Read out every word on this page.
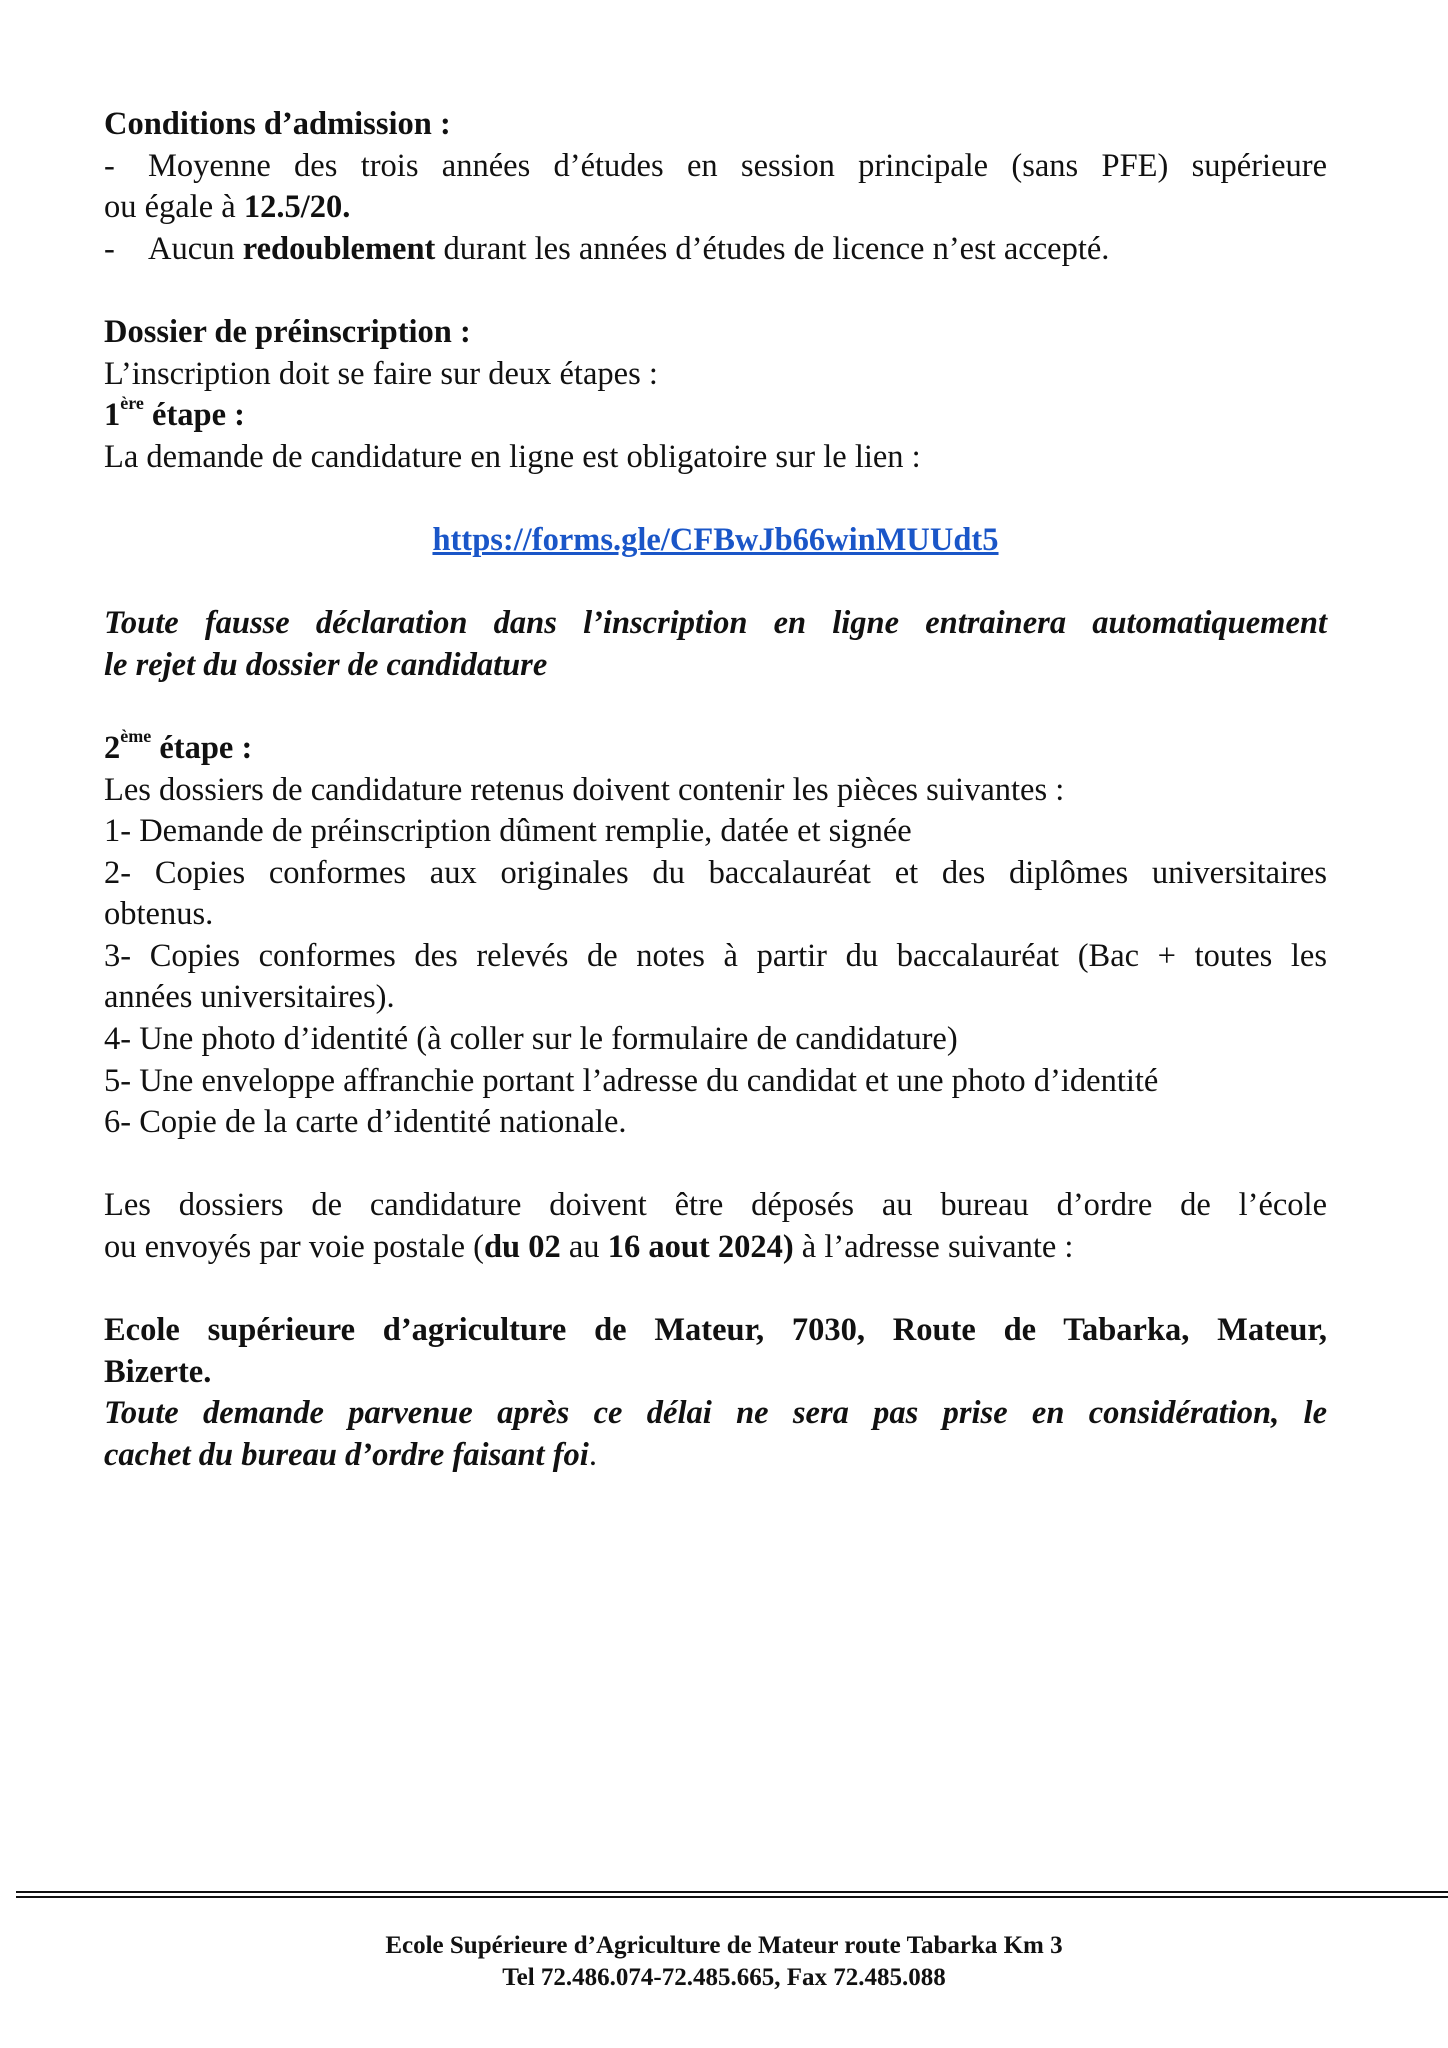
Conditions d’admission :
-	Moyenne des trois années d’études en session principale (sans PFE) supérieure
ou égale à 12.5/20.
-	Aucun redoublement durant les années d’études de licence n’est accepté.
Dossier de préinscription :
L’inscription doit se faire sur deux étapes :
1ère étape :
La demande de candidature en ligne est obligatoire sur le lien :
https://forms.gle/CFBwJb66winMUUdt5
Toute fausse déclaration dans l’inscription en ligne entrainera automatiquement
le rejet du dossier de candidature
2ème étape :
Les dossiers de candidature retenus doivent contenir les pièces suivantes :
1- Demande de préinscription dûment remplie, datée et signée
2- Copies conformes aux originales du baccalauréat et des diplômes universitaires
obtenus.
3- Copies conformes des relevés de notes à partir du baccalauréat (Bac + toutes les
années universitaires).
4- Une photo d’identité (à coller sur le formulaire de candidature)
5- Une enveloppe affranchie portant l’adresse du candidat et une photo d’identité
6- Copie de la carte d’identité nationale.
Les dossiers de candidature doivent être déposés au bureau d’ordre de l’école
ou envoyés par voie postale (du 02 au 16 aout 2024) à l’adresse suivante :
Ecole supérieure d’agriculture de Mateur, 7030, Route de Tabarka, Mateur,
Bizerte.
Toute demande parvenue après ce délai ne sera pas prise en considération, le
cachet du bureau d’ordre faisant foi.
Ecole Supérieure d’Agriculture de Mateur route Tabarka Km 3
Tel 72.486.074-72.485.665, Fax 72.485.088
